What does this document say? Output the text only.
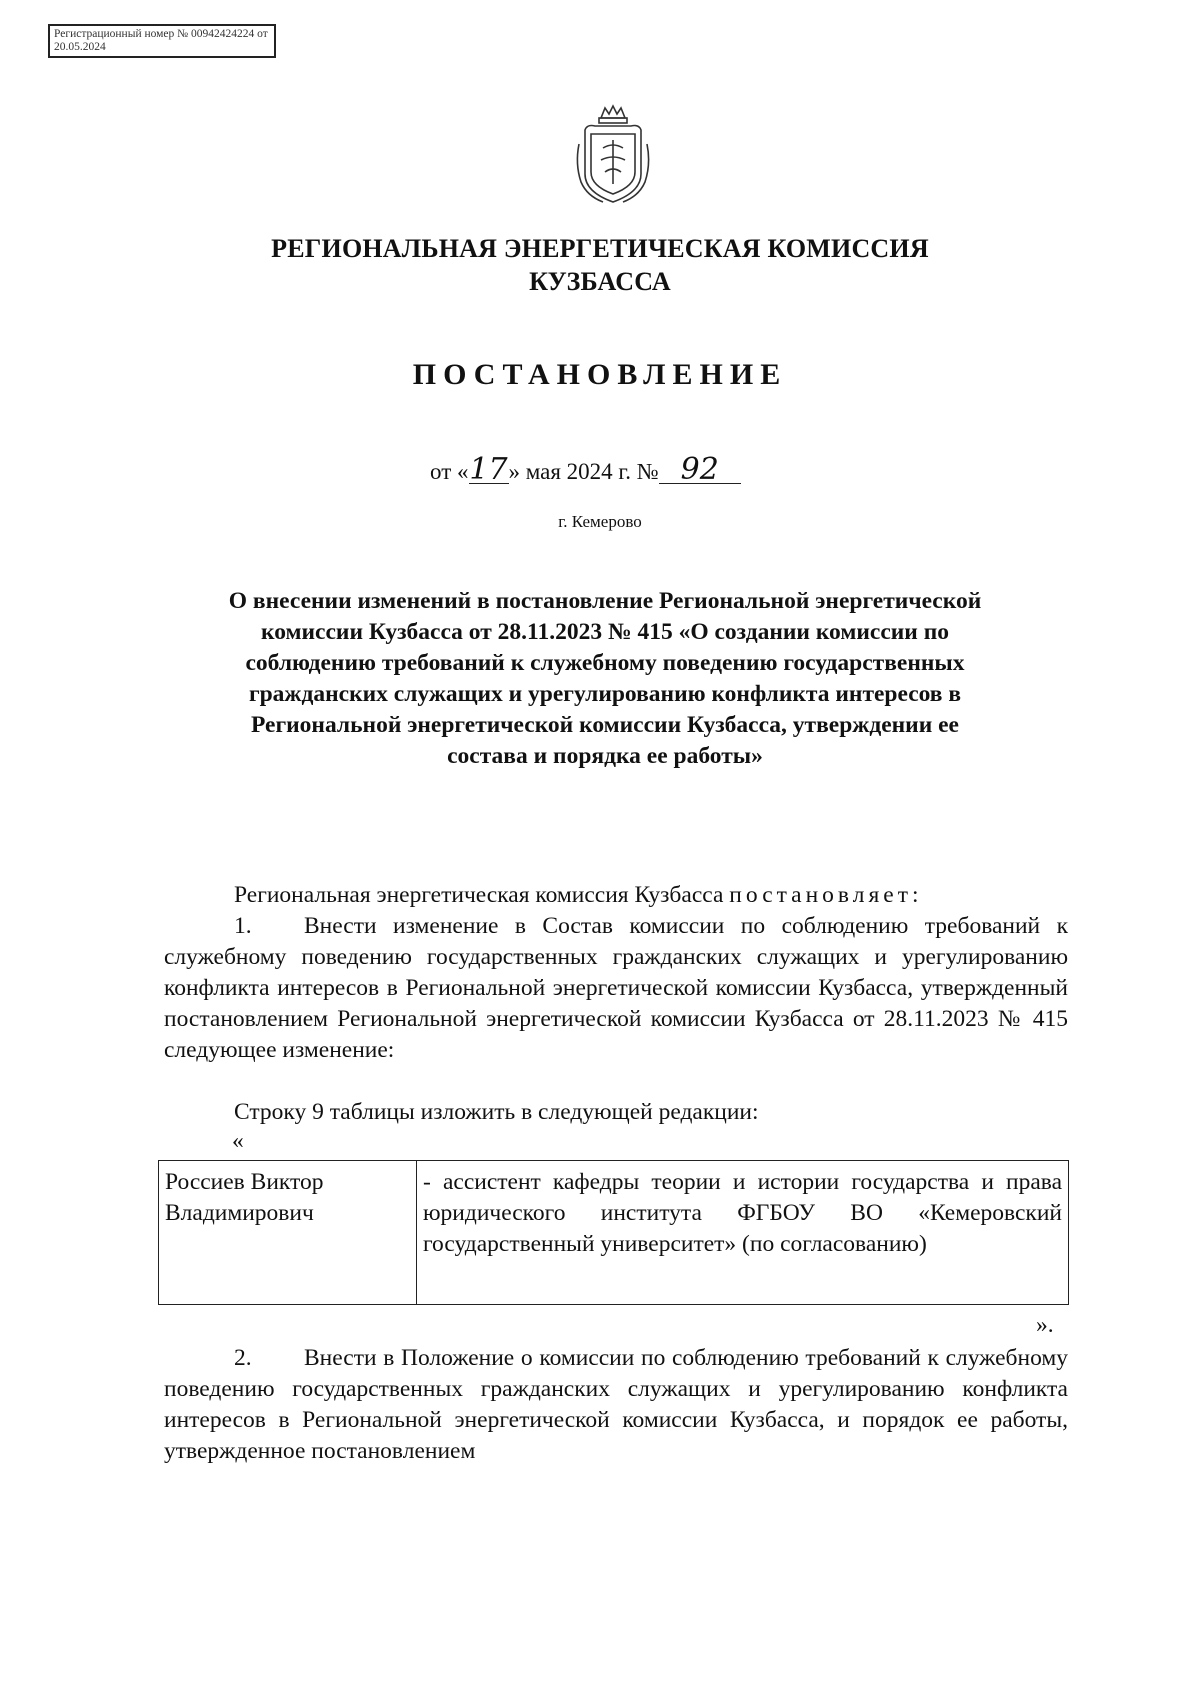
Регистрационный номер № 00942424224 от 20.05.2024
РЕГИОНАЛЬНАЯ ЭНЕРГЕТИЧЕСКАЯ КОМИССИЯ
КУЗБАССА
ПОСТАНОВЛЕНИЕ
от «17» мая 2024 г. № 92
г. Кемерово
О внесении изменений в постановление Региональной энергетической комиссии Кузбасса от 28.11.2023 № 415 «О создании комиссии по соблюдению требований к служебному поведению государственных гражданских служащих и урегулированию конфликта интересов в Региональной энергетической комиссии Кузбасса, утверждении ее состава и порядка ее работы»
Региональная энергетическая комиссия Кузбасса постановляет:
1. Внести изменение в Состав комиссии по соблюдению требований к служебному поведению государственных гражданских служащих и урегулированию конфликта интересов в Региональной энергетической комиссии Кузбасса, утвержденный постановлением Региональной энергетической комиссии Кузбасса от 28.11.2023 № 415 следующее изменение:
Строку 9 таблицы изложить в следующей редакции:
«
Россиев Виктор Владимирович	- ассистент кафедры теории и истории государства и права юридического института ФГБОУ ВО «Кемеровский государственный университет» (по согласованию)
».
2. Внести в Положение о комиссии по соблюдению требований к служебному поведению государственных гражданских служащих и урегулированию конфликта интересов в Региональной энергетической комиссии Кузбасса, и порядок ее работы, утвержденное постановлением
